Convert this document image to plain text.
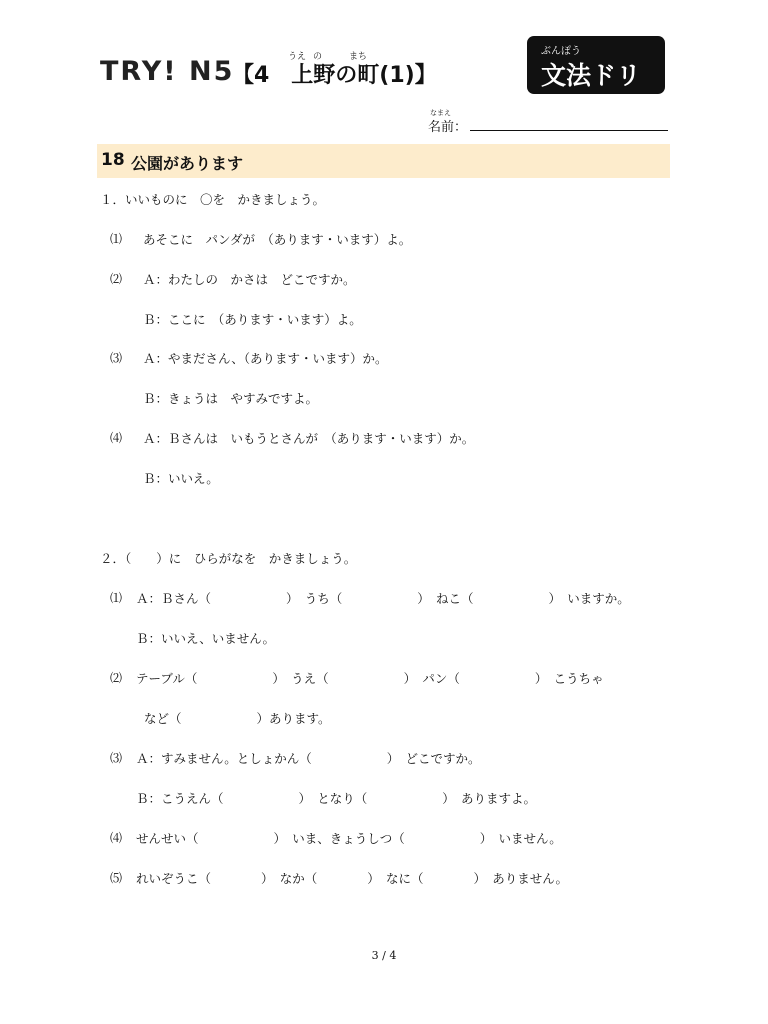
TRY! N5	うえ の	まち
【4　上野の町(1)】
ぶんぽう
文法ドリル
なまえ
名前：
18 公園があります
１．いいものに　〇を　かきましょう。
⑴ あそこに　パンダが　（あります・います）よ。
⑵ Ａ：わたしの　かさは　どこですか。
Ｂ：ここに　（あります・います）よ。
⑶ Ａ：やまださん、（あります・います）か。
Ｂ：きょうは　やすみですよ。
⑷ Ａ：Ｂさんは　いもうとさんが　（あります・います）か。
Ｂ：いいえ。
２．（　　）に　ひらがなを　かきましょう。
⑴ Ａ：Ｂさん（　　　　　　）　うち（　　　　　　）　ねこ（　　　　　　）　いますか。
Ｂ：いいえ、いません。
⑵ テーブル（　　　　　　）　うえ（　　　　　　）　パン（　　　　　　）　こうちゃ
など（　　　　　　）あります。
⑶ Ａ：すみません。としょかん（　　　　　　）　どこですか。
Ｂ：こうえん（　　　　　　）　となり（　　　　　　）　ありますよ。
⑷ せんせい（　　　　　　）　いま、きょうしつ（　　　　　　）　いません。
⑸ れいぞうこ（　　　　）　なか（　　　　）　なに（　　　　）　ありません。
3 / 4
